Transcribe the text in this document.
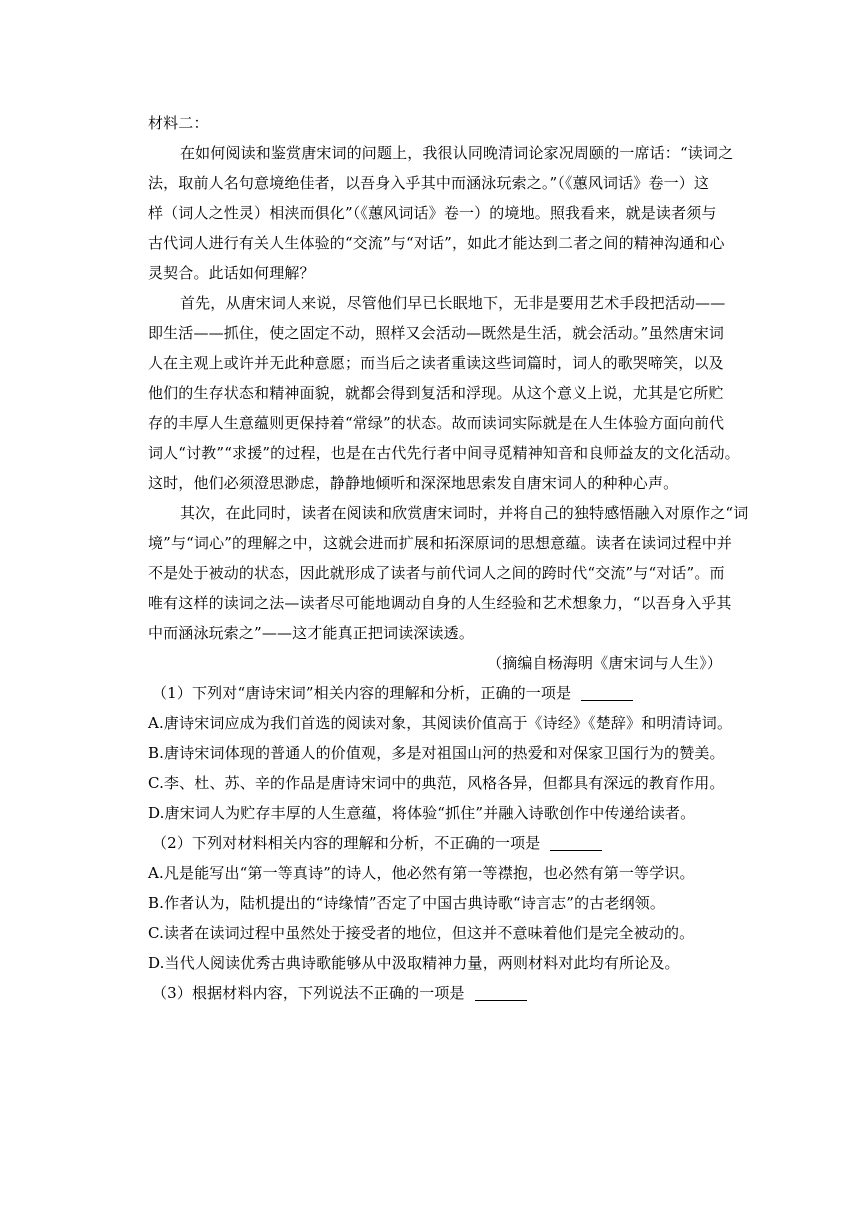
材料二：
在如何阅读和鉴赏唐宋词的问题上，我很认同晚清词论家况周颐的一席话：“读词之
法，取前人名句意境绝佳者，以吾身入乎其中而涵泳玩索之。”（《蕙风词话》卷一）这
样（词人之性灵）相浃而俱化”（《蕙风词话》卷一）的境地。照我看来，就是读者须与
古代词人进行有关人生体验的“交流”与“对话”，如此才能达到二者之间的精神沟通和心
灵契合。此话如何理解？
首先，从唐宋词人来说，尽管他们早已长眠地下，无非是要用艺术手段把活动——
即生活——抓住，使之固定不动，照样又会活动—既然是生活，就会活动。”虽然唐宋词
人在主观上或许并无此种意愿；而当后之读者重读这些词篇时，词人的歌哭啼笑，以及
他们的生存状态和精神面貌，就都会得到复活和浮现。从这个意义上说，尤其是它所贮
存的丰厚人生意蕴则更保持着“常绿”的状态。故而读词实际就是在人生体验方面向前代
词人“讨教”“求援”的过程，也是在古代先行者中间寻觅精神知音和良师益友的文化活动。
这时，他们必须澄思渺虑，静静地倾听和深深地思索发自唐宋词人的种种心声。
其次，在此同时，读者在阅读和欣赏唐宋词时，并将自己的独特感悟融入对原作之“词
境”与“词心”的理解之中，这就会进而扩展和拓深原词的思想意蕴。读者在读词过程中并
不是处于被动的状态，因此就形成了读者与前代词人之间的跨时代“交流”与“对话”。而
唯有这样的读词之法—读者尽可能地调动自身的人生经验和艺术想象力，“以吾身入乎其
中而涵泳玩索之”——这才能真正把词读深读透。
（摘编自杨海明《唐宋词与人生》）
（1）下列对“唐诗宋词”相关内容的理解和分析，正确的一项是
A.唐诗宋词应成为我们首选的阅读对象，其阅读价值高于《诗经》《楚辞》和明清诗词。
B.唐诗宋词体现的普通人的价值观，多是对祖国山河的热爱和对保家卫国行为的赞美。
C.李、杜、苏、辛的作品是唐诗宋词中的典范，风格各异，但都具有深远的教育作用。
D.唐宋词人为贮存丰厚的人生意蕴，将体验“抓住”并融入诗歌创作中传递给读者。
（2）下列对材料相关内容的理解和分析，不正确的一项是
A.凡是能写出“第一等真诗”的诗人，他必然有第一等襟抱，也必然有第一等学识。
B.作者认为，陆机提出的“诗缘情”否定了中国古典诗歌“诗言志”的古老纲领。
C.读者在读词过程中虽然处于接受者的地位，但这并不意味着他们是完全被动的。
D.当代人阅读优秀古典诗歌能够从中汲取精神力量，两则材料对此均有所论及。
（3）根据材料内容，下列说法不正确的一项是
